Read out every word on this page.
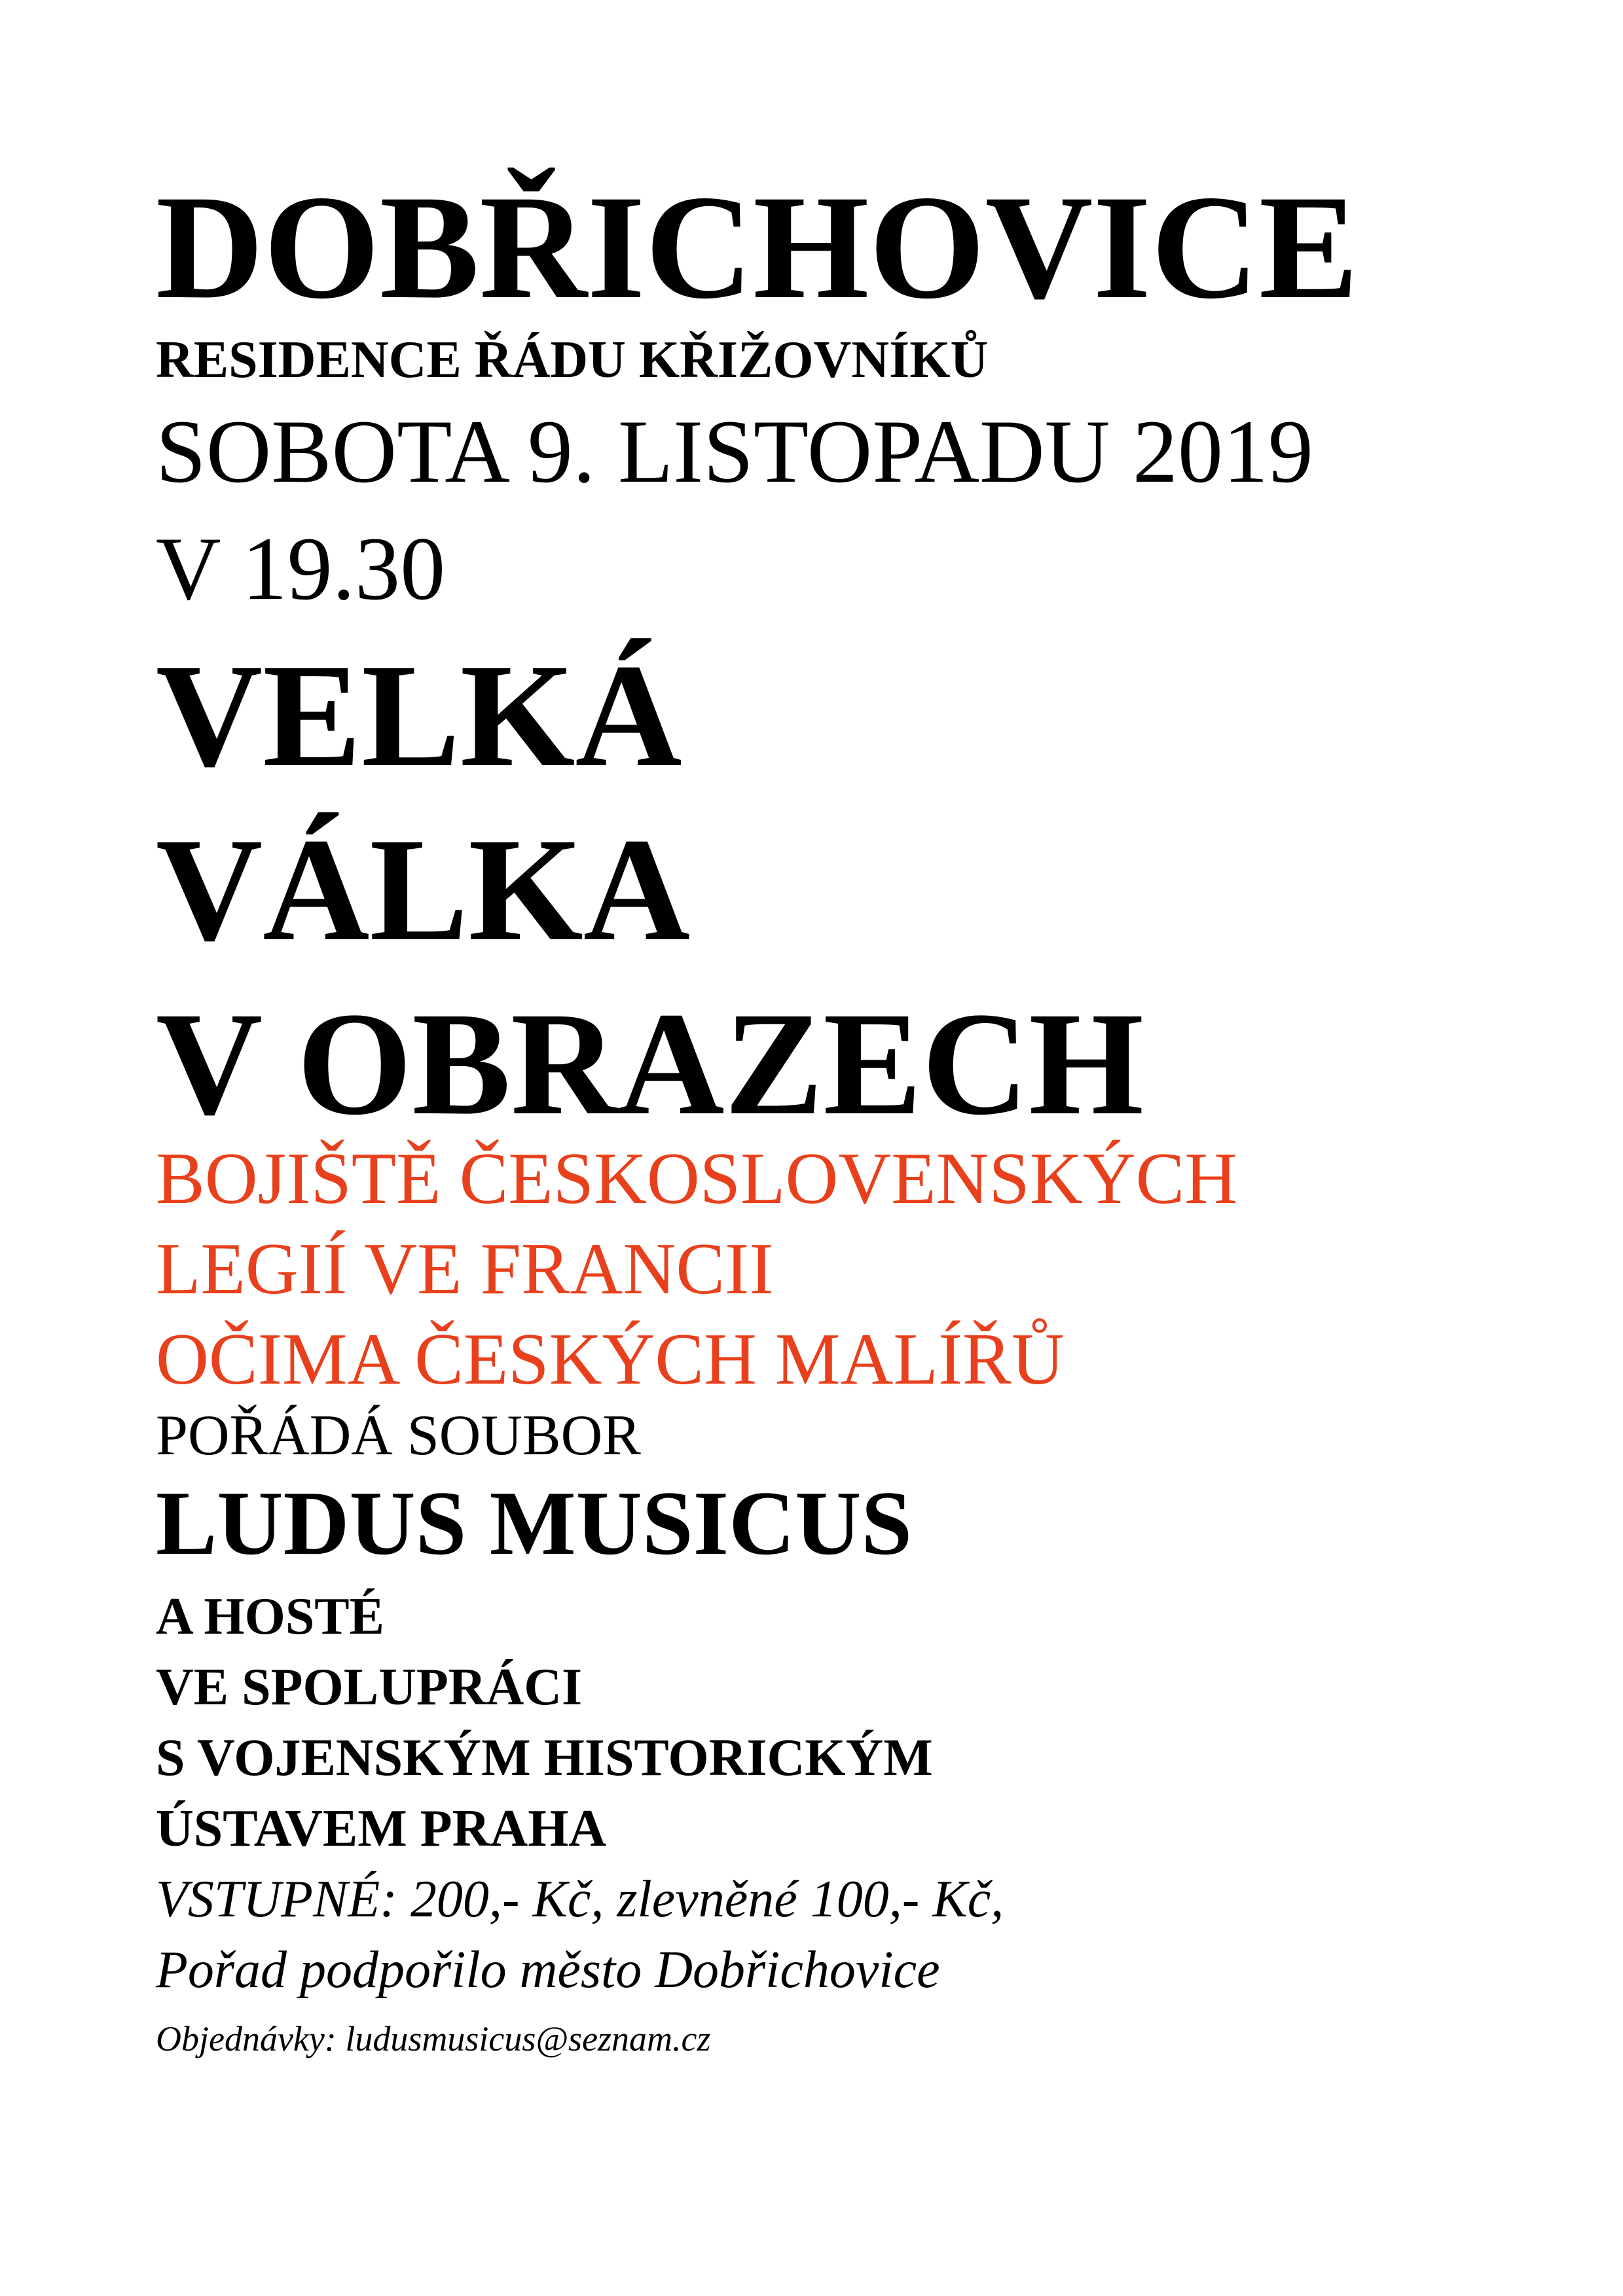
DOBŘICHOVICE
RESIDENCE ŘÁDU KŘIŽOVNÍKŮ
SOBOTA 9. LISTOPADU 2019
V 19.30
VELKÁ
VÁLKA
V OBRAZECH
BOJIŠTĚ ČESKOSLOVENSKÝCH
LEGIÍ VE FRANCII
OČIMA ČESKÝCH MALÍŘŮ
POŘÁDÁ SOUBOR
LUDUS MUSICUS
A HOSTÉ
VE SPOLUPRÁCI
S VOJENSKÝM HISTORICKÝM
ÚSTAVEM PRAHA
VSTUPNÉ: 200,- Kč, zlevněné 100,- Kč,
Pořad podpořilo město Dobřichovice
Objednávky: ludusmusicus@seznam.cz
